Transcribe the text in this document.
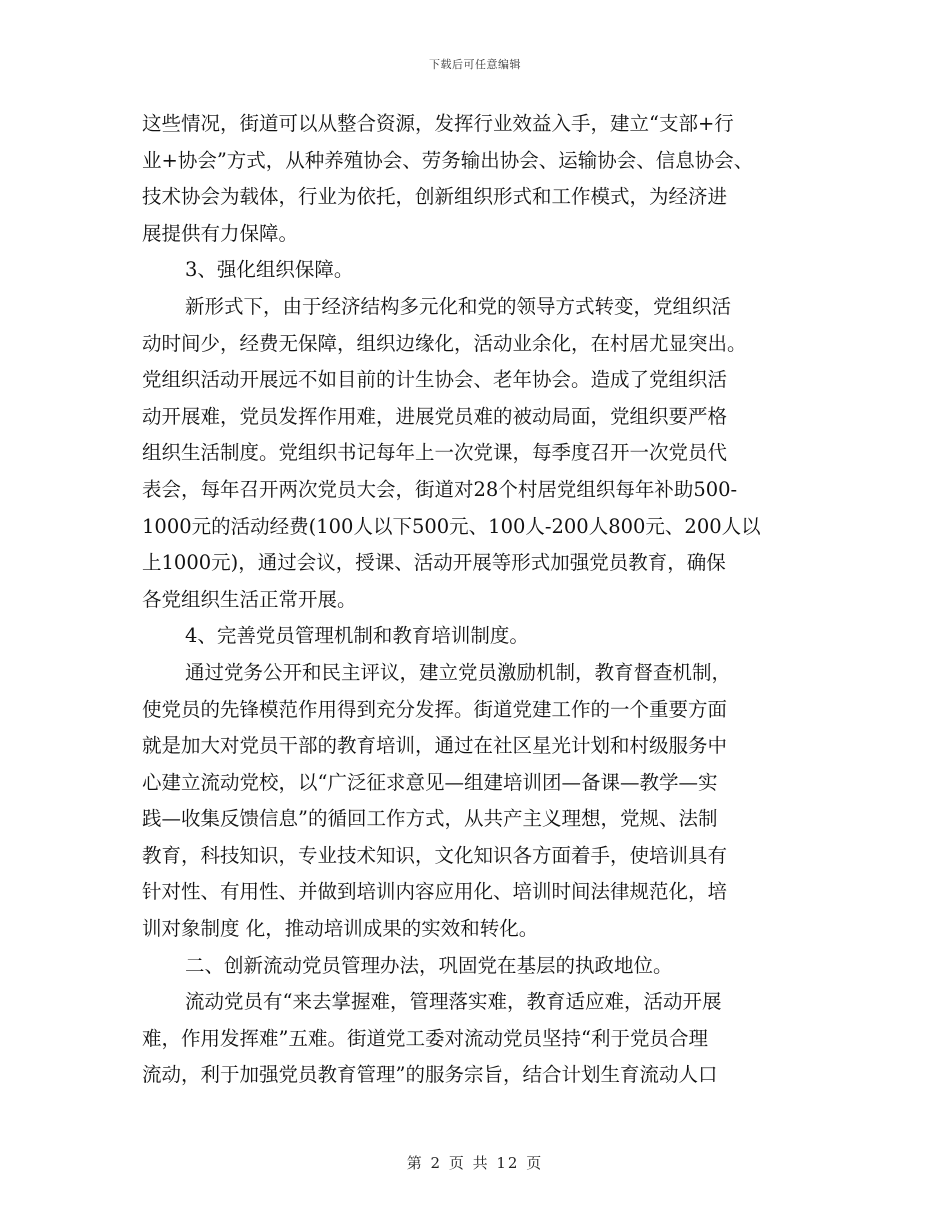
下载后可任意编辑
这些情况，街道可以从整合资源，发挥行业效益入手，建立“支部+行
业+协会”方式，从种养殖协会、劳务输出协会、运输协会、信息协会、
技术协会为载体，行业为依托，创新组织形式和工作模式，为经济进
展提供有力保障。
3、强化组织保障。
新形式下，由于经济结构多元化和党的领导方式转变，党组织活
动时间少，经费无保障，组织边缘化，活动业余化，在村居尤显突出。
党组织活动开展远不如目前的计生协会、老年协会。造成了党组织活
动开展难，党员发挥作用难，进展党员难的被动局面，党组织要严格
组织生活制度。党组织书记每年上一次党课，每季度召开一次党员代
表会，每年召开两次党员大会，街道对28个村居党组织每年补助500-
1000元的活动经费(100人以下500元、100人-200人800元、200人以
上1000元)，通过会议，授课、活动开展等形式加强党员教育，确保
各党组织生活正常开展。
4、完善党员管理机制和教育培训制度。
通过党务公开和民主评议，建立党员激励机制，教育督查机制，
使党员的先锋模范作用得到充分发挥。街道党建工作的一个重要方面
就是加大对党员干部的教育培训，通过在社区星光计划和村级服务中
心建立流动党校，以“广泛征求意见—组建培训团—备课—教学—实
践—收集反馈信息”的循回工作方式，从共产主义理想，党规、法制
教育，科技知识，专业技术知识，文化知识各方面着手，使培训具有
针对性、有用性、并做到培训内容应用化、培训时间法律规范化，培
训对象制度 化，推动培训成果的实效和转化。
二、创新流动党员管理办法，巩固党在基层的执政地位。
流动党员有“来去掌握难，管理落实难，教育适应难，活动开展
难，作用发挥难”五难。街道党工委对流动党员坚持“利于党员合理
流动，利于加强党员教育管理”的服务宗旨，结合计划生育流动人口
第 2 页 共 12 页
